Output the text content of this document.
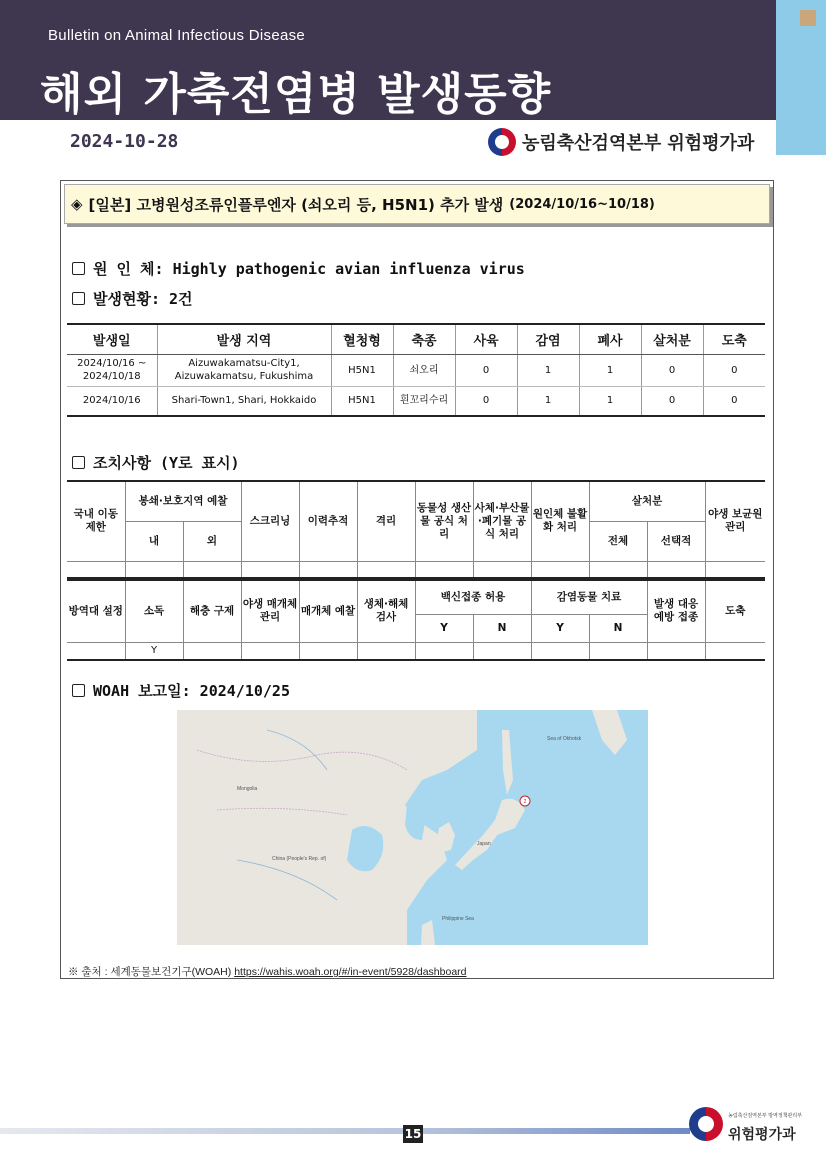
Bulletin on Animal Infectious Disease
해외 가축전염병 발생동향
2024-10-28	농림축산검역본부 위험평가과
◈ [일본] 고병원성조류인플루엔자 (쇠오리 등, H5N1) 추가 발생 (2024/10/16~10/18)
원 인 체: Highly pathogenic avian influenza virus
발생현황: 2건
발생일	발생 지역	혈청형	축종	사육	감염	폐사	살처분	도축
2024/10/16 ~ 2024/10/18	Aizuwakamatsu-City1, Aizuwakamatsu, Fukushima	H5N1	쇠오리	0	1	1	0	0
2024/10/16	Shari-Town1, Shari, Hokkaido	H5N1	흰꼬리수리	0	1	1	0	0
조치사항 (Y로 표시)
국내 이동 제한	봉쇄·보호지역 예찰		스크리닝	이력추적	격리	동물성 생산물 공식 처리	사체·부산물·폐기물 공식 처리	원인체 불활화 처리	살처분		야생 보균원 관리
	내	외							전체	선택적	

방역대 설정	소독	해충 구제	야생 매개체 관리	매개체 예찰	생체·해체 검사	백신접종 허용		감염동물 치료		발생 대응 예방 접종	도축
						Y	N	Y	N		
	Y										
WOAH 보고일: 2024/10/25
2
Mongolia
China (People's Rep. of)
Japan
Sea of Okhotsk
Philippine Sea
※ 출처 : 세계동물보건기구(WOAH) https://wahis.woah.org/#/in-event/5928/dashboard
15
농림축산검역본부 방역정책관리부
위험평가과
